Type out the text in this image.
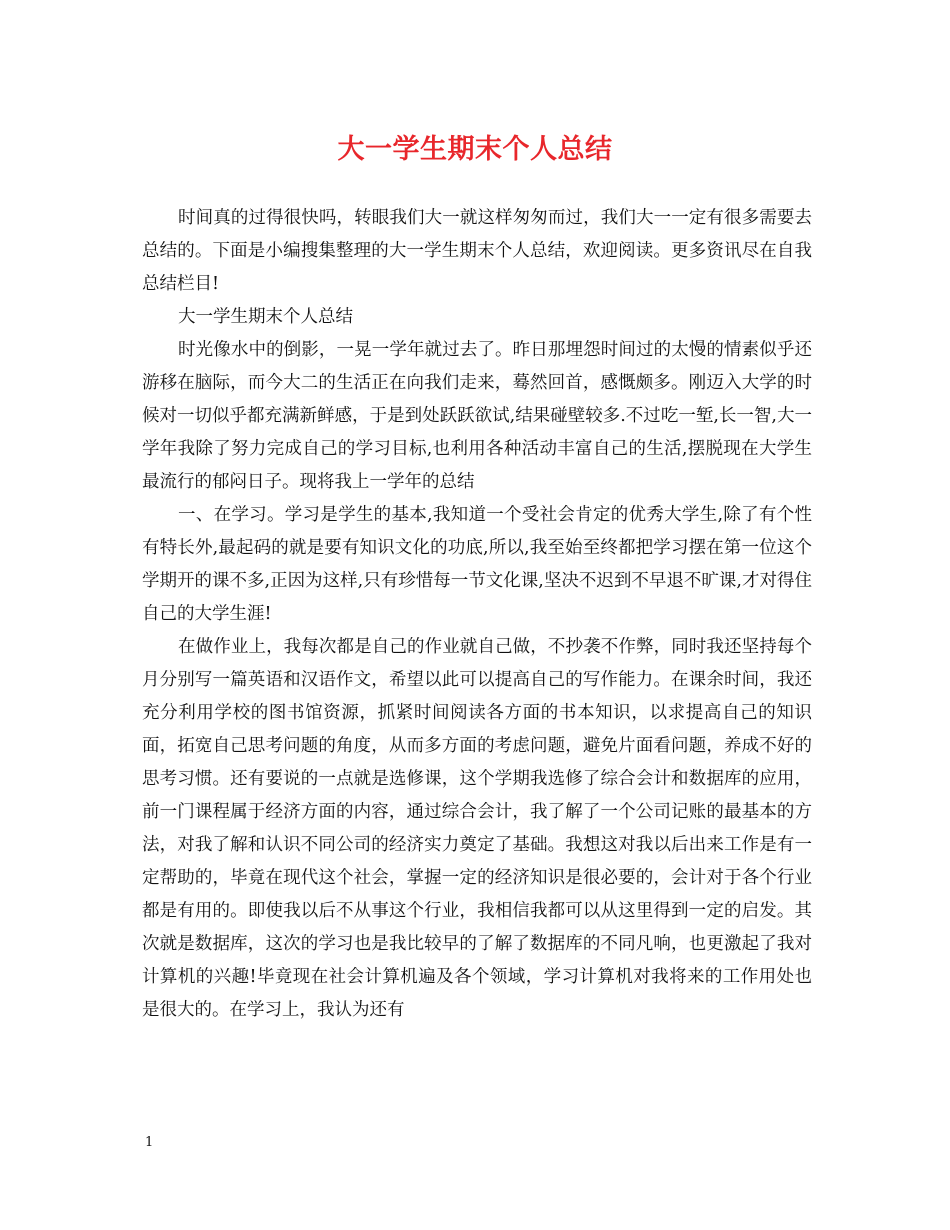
大一学生期末个人总结

时间真的过得很快吗，转眼我们大一就这样匆匆而过，我们大一一定有很多需要去总结的。下面是小编搜集整理的大一学生期末个人总结，欢迎阅读。更多资讯尽在自我总结栏目!

大一学生期末个人总结

时光像水中的倒影，一晃一学年就过去了。昨日那埋怨时间过的太慢的情素似乎还游移在脑际，而今大二的生活正在向我们走来，蓦然回首，感慨颇多。刚迈入大学的时候对一切似乎都充满新鲜感，于是到处跃跃欲试,结果碰壁较多.不过吃一堑,长一智,大一学年我除了努力完成自己的学习目标,也利用各种活动丰富自己的生活,摆脱现在大学生最流行的郁闷日子。现将我上一学年的总结

一、在学习。学习是学生的基本,我知道一个受社会肯定的优秀大学生,除了有个性有特长外,最起码的就是要有知识文化的功底,所以,我至始至终都把学习摆在第一位这个学期开的课不多,正因为这样,只有珍惜每一节文化课,坚决不迟到不早退不旷课,才对得住自己的大学生涯!

在做作业上，我每次都是自己的作业就自己做，不抄袭不作弊，同时我还坚持每个月分别写一篇英语和汉语作文，希望以此可以提高自己的写作能力。在课余时间，我还充分利用学校的图书馆资源，抓紧时间阅读各方面的书本知识，以求提高自己的知识面，拓宽自己思考问题的角度，从而多方面的考虑问题，避免片面看问题，养成不好的思考习惯。还有要说的一点就是选修课，这个学期我选修了综合会计和数据库的应用，前一门课程属于经济方面的内容，通过综合会计，我了解了一个公司记账的最基本的方法，对我了解和认识不同公司的经济实力奠定了基础。我想这对我以后出来工作是有一定帮助的，毕竟在现代这个社会，掌握一定的经济知识是很必要的，会计对于各个行业都是有用的。即使我以后不从事这个行业，我相信我都可以从这里得到一定的启发。其次就是数据库，这次的学习也是我比较早的了解了数据库的不同凡响，也更激起了我对计算机的兴趣!毕竟现在社会计算机遍及各个领域，学习计算机对我将来的工作用处也是很大的。在学习上，我认为还有

1
